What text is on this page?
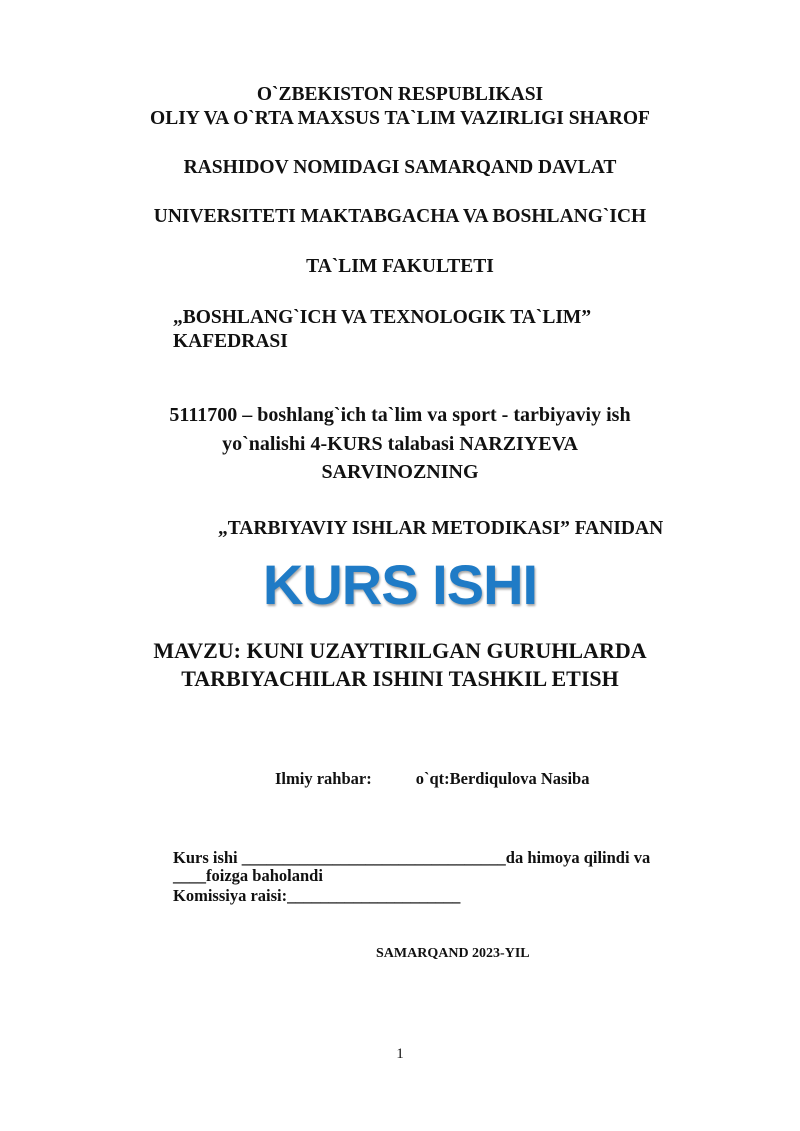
O`ZBEKISTON RESPUBLIKASI
OLIY VA O`RTA MAXSUS TA`LIM VAZIRLIGI SHAROF
RASHIDOV NOMIDAGI SAMARQAND DAVLAT
UNIVERSITETI MAKTABGACHA VA BOSHLANG`ICH
TA`LIM FAKULTETI
„BOSHLANG`ICH VA TEXNOLOGIK TA`LIM”
KAFEDRASI
5111700 – boshlang`ich ta`lim va sport - tarbiyaviy ish
yo`nalishi 4-KURS talabasi NARZIYEVA
SARVINOZNING
„TARBIYAVIY ISHLAR METODIKASI” FANIDAN
KURS ISHI
MAVZU: KUNI UZAYTIRILGAN GURUHLARDA
TARBIYACHILAR ISHINI TASHKIL ETISH
Ilmiy rahbar:	o`qt:Berdiqulova Nasiba
Kurs ishi ________________________________da himoya qilindi va
____foizga baholandi
Komissiya raisi:_____________________
SAMARQAND 2023-YIL
1
